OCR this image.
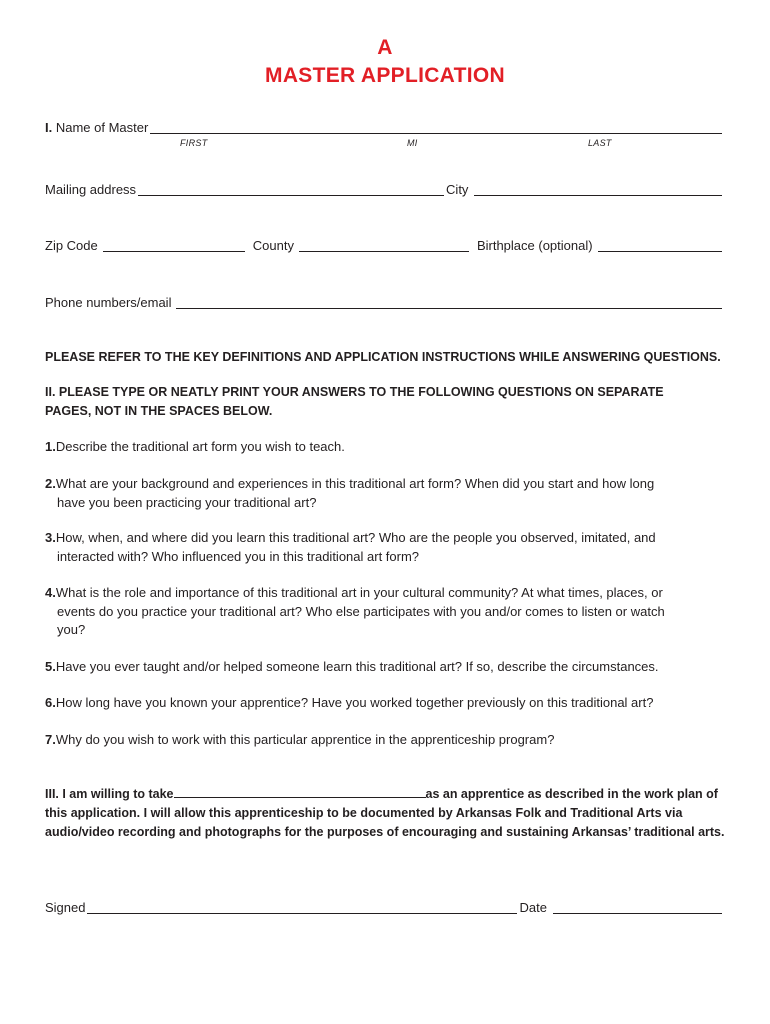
A
MASTER APPLICATION
I. Name of Master
FIRST	MI	LAST
Mailing address	City
Zip Code	County	Birthplace (optional)
Phone numbers/email
PLEASE REFER TO THE KEY DEFINITIONS AND APPLICATION INSTRUCTIONS WHILE ANSWERING QUESTIONS.
II. PLEASE TYPE OR NEATLY PRINT YOUR ANSWERS TO THE FOLLOWING QUESTIONS ON SEPARATE
PAGES, NOT IN THE SPACES BELOW.
1.Describe the traditional art form you wish to teach.
2.What are your background and experiences in this traditional art form? When did you start and how long have you been practicing your traditional art?
3.How, when, and where did you learn this traditional art? Who are the people you observed, imitated, and interacted with? Who influenced you in this traditional art form?
4.What is the role and importance of this traditional art in your cultural community? At what times, places, or events do you practice your traditional art? Who else participates with you and/or comes to listen or watch you?
5.Have you ever taught and/or helped someone learn this traditional art? If so, describe the circumstances.
6.How long have you known your apprentice? Have you worked together previously on this traditional art?
7.Why do you wish to work with this particular apprentice in the apprenticeship program?
III. I am willing to take	as an apprentice as described in the work plan of this application. I will allow this apprenticeship to be documented by Arkansas Folk and Traditional Arts via audio/video recording and photographs for the purposes of encouraging and sustaining Arkansas’ traditional arts.
Signed	Date
